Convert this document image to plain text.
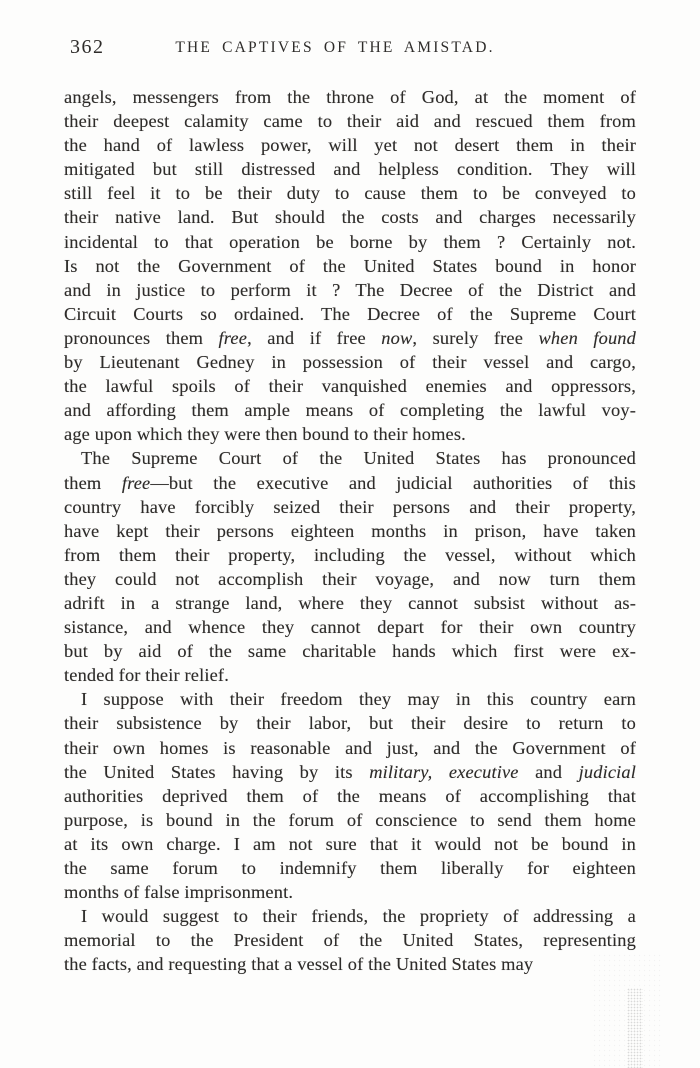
362	THE CAPTIVES OF THE AMISTAD.
angels, messengers from the throne of God, at the moment of
their deepest calamity came to their aid and rescued them from
the hand of lawless power, will yet not desert them in their
mitigated but still distressed and helpless condition. They will
still feel it to be their duty to cause them to be conveyed to
their native land. But should the costs and charges necessarily
incidental to that operation be borne by them ? Certainly not.
Is not the Government of the United States bound in honor
and in justice to perform it ? The Decree of the District and
Circuit Courts so ordained. The Decree of the Supreme Court
pronounces them free, and if free now, surely free when found
by Lieutenant Gedney in possession of their vessel and cargo,
the lawful spoils of their vanquished enemies and oppressors,
and affording them ample means of completing the lawful voy-
age upon which they were then bound to their homes.
The Supreme Court of the United States has pronounced
them free—but the executive and judicial authorities of this
country have forcibly seized their persons and their property,
have kept their persons eighteen months in prison, have taken
from them their property, including the vessel, without which
they could not accomplish their voyage, and now turn them
adrift in a strange land, where they cannot subsist without as-
sistance, and whence they cannot depart for their own country
but by aid of the same charitable hands which first were ex-
tended for their relief.
I suppose with their freedom they may in this country earn
their subsistence by their labor, but their desire to return to
their own homes is reasonable and just, and the Government of
the United States having by its military, executive and judicial
authorities deprived them of the means of accomplishing that
purpose, is bound in the forum of conscience to send them home
at its own charge. I am not sure that it would not be bound in
the same forum to indemnify them liberally for eighteen
months of false imprisonment.
I would suggest to their friends, the propriety of addressing a
memorial to the President of the United States, representing
the facts, and requesting that a vessel of the United States may
